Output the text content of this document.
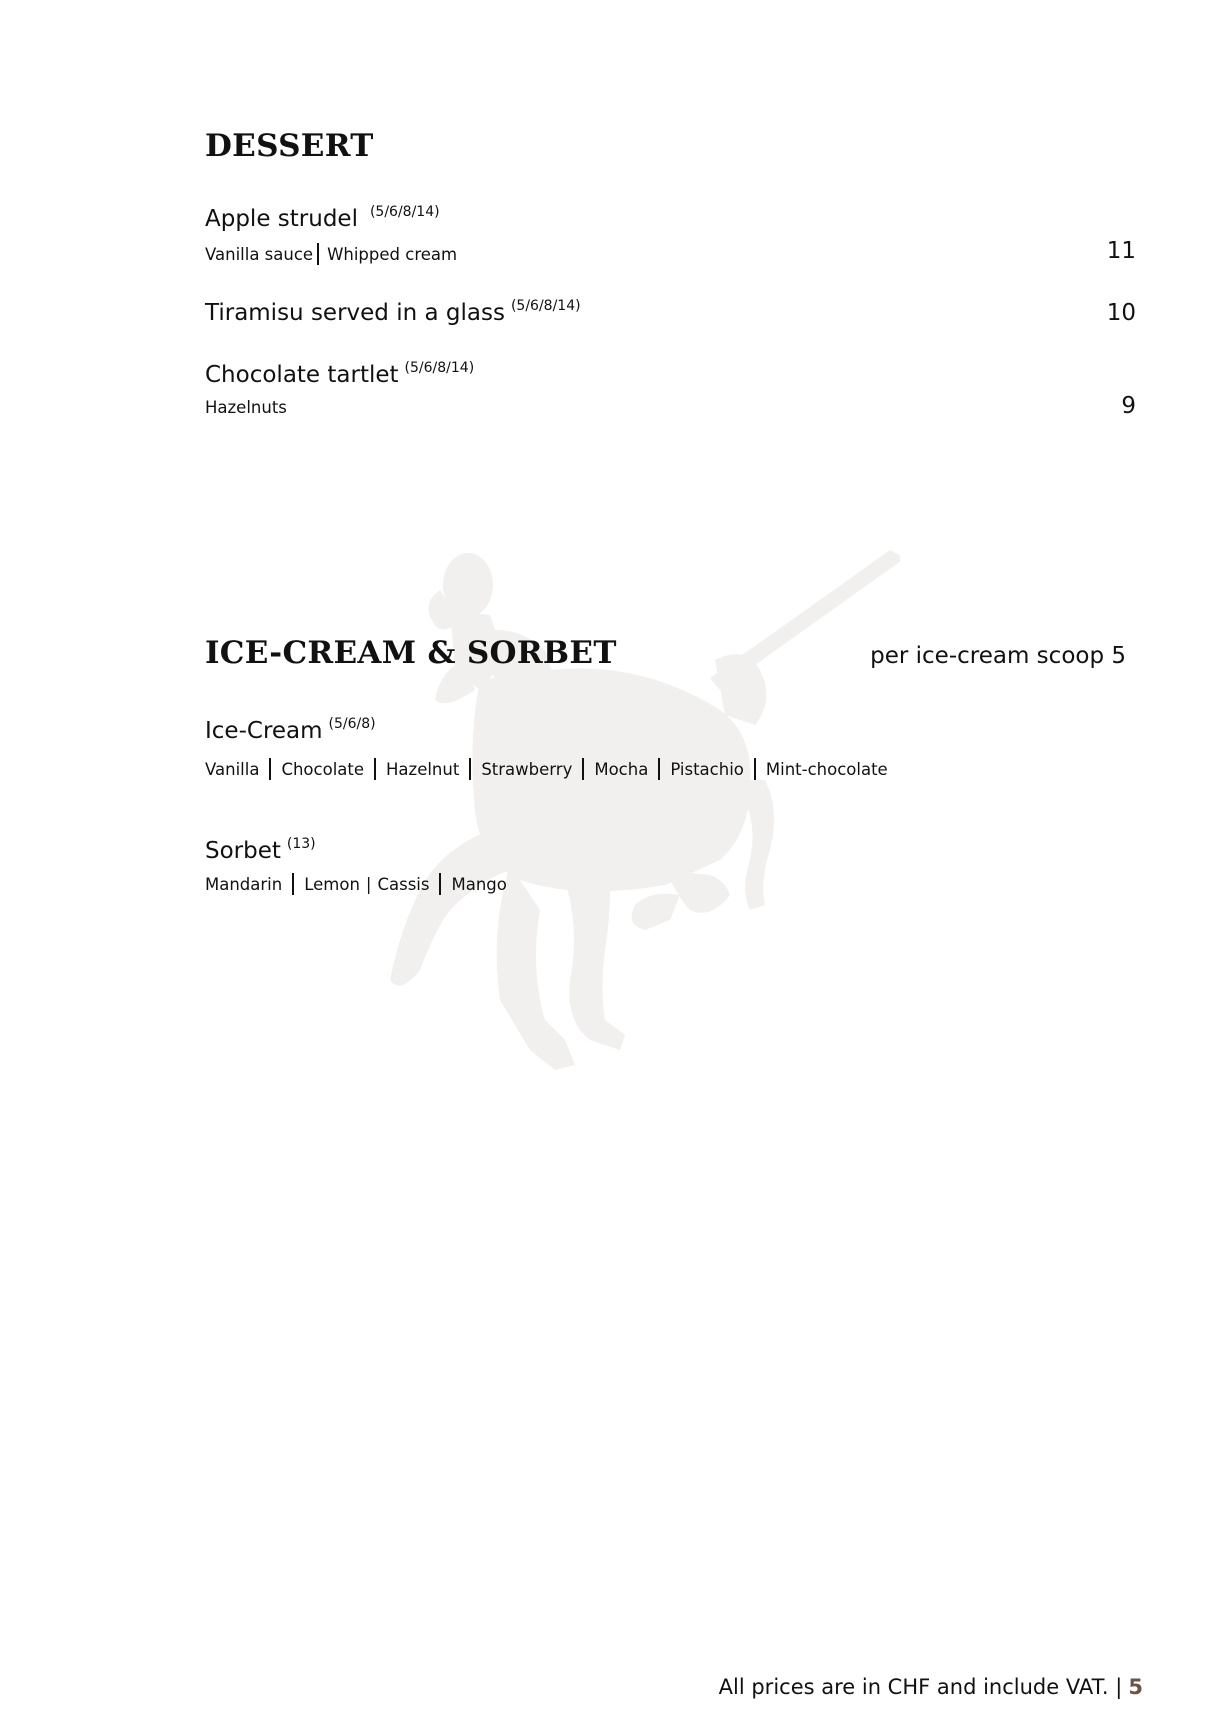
DESSERT
Apple strudel $^{(5/6/8/14)}$
Vanilla sauce Whipped cream	11
Tiramisu served in a glass $^{(5/6/8/14)}$	10
Chocolate tartlet $^{(5/6/8/14)}$
Hazelnuts	9
ICE-CREAM & SORBET	per ice-cream scoop 5
Ice-Cream $^{(5/6/8)}$
Vanilla Chocolate Hazelnut Strawberry Mocha Pistachio Mint-chocolate
Sorbet $^{(13)}$
Mandarin Lemon | Cassis Mango
All prices are in CHF and include VAT. | 5
